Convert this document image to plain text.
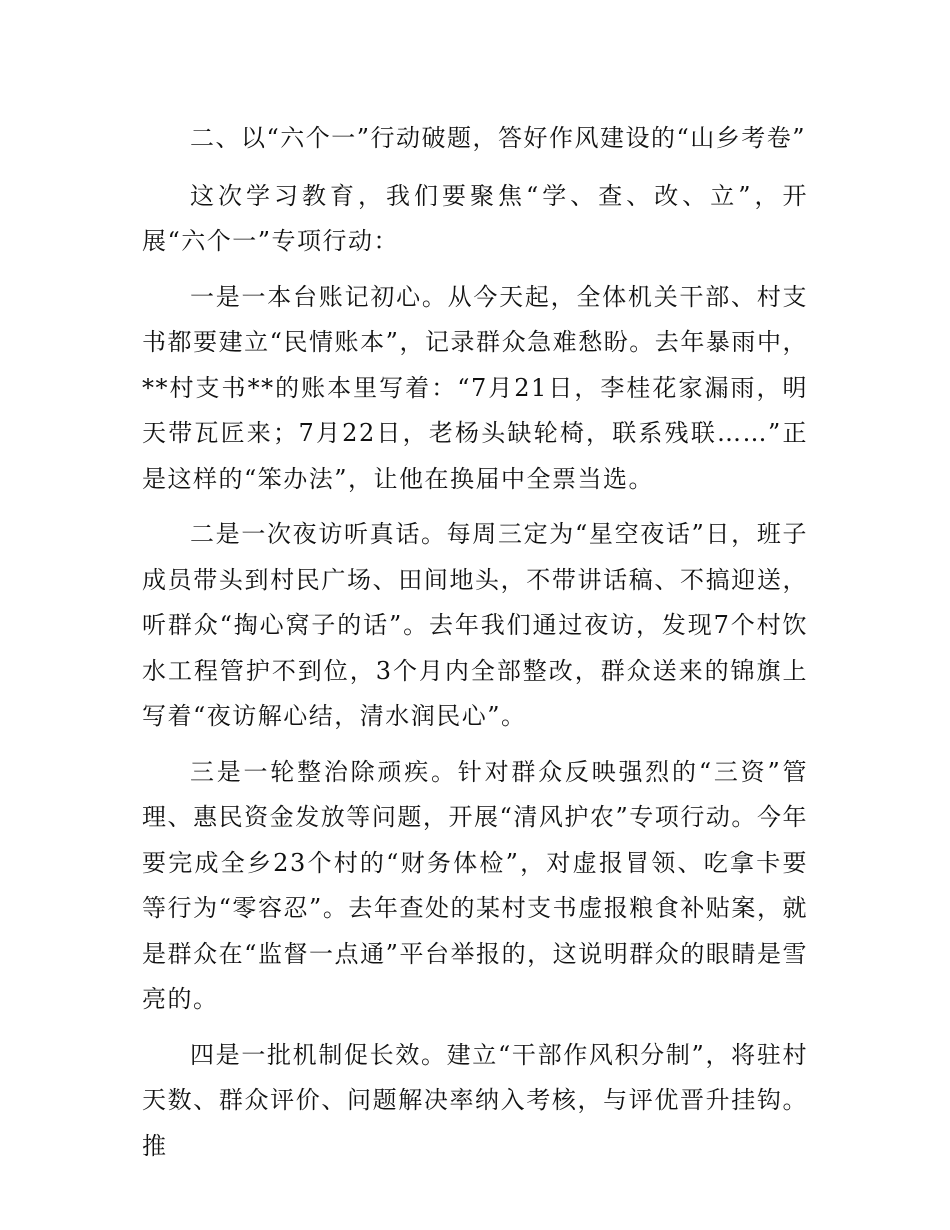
二、以“六个一”行动破题，答好作风建设的“山乡考卷”

这次学习教育，我们要聚焦“学、查、改、立”，开展“六个一”专项行动：

一是一本台账记初心。从今天起，全体机关干部、村支书都要建立“民情账本”，记录群众急难愁盼。去年暴雨中，**村支书**的账本里写着：“7月21日，李桂花家漏雨，明天带瓦匠来；7月22日，老杨头缺轮椅，联系残联……”正是这样的“笨办法”，让他在换届中全票当选。

二是一次夜访听真话。每周三定为“星空夜话”日，班子成员带头到村民广场、田间地头，不带讲话稿、不搞迎送，听群众“掏心窝子的话”。去年我们通过夜访，发现7个村饮水工程管护不到位，3个月内全部整改，群众送来的锦旗上写着“夜访解心结，清水润民心”。

三是一轮整治除顽疾。针对群众反映强烈的“三资”管理、惠民资金发放等问题，开展“清风护农”专项行动。今年要完成全乡23个村的“财务体检”，对虚报冒领、吃拿卡要等行为“零容忍”。去年查处的某村支书虚报粮食补贴案，就是群众在“监督一点通”平台举报的，这说明群众的眼睛是雪亮的。

四是一批机制促长效。建立“干部作风积分制”，将驻村天数、群众评价、问题解决率纳入考核，与评优晋升挂钩。推
